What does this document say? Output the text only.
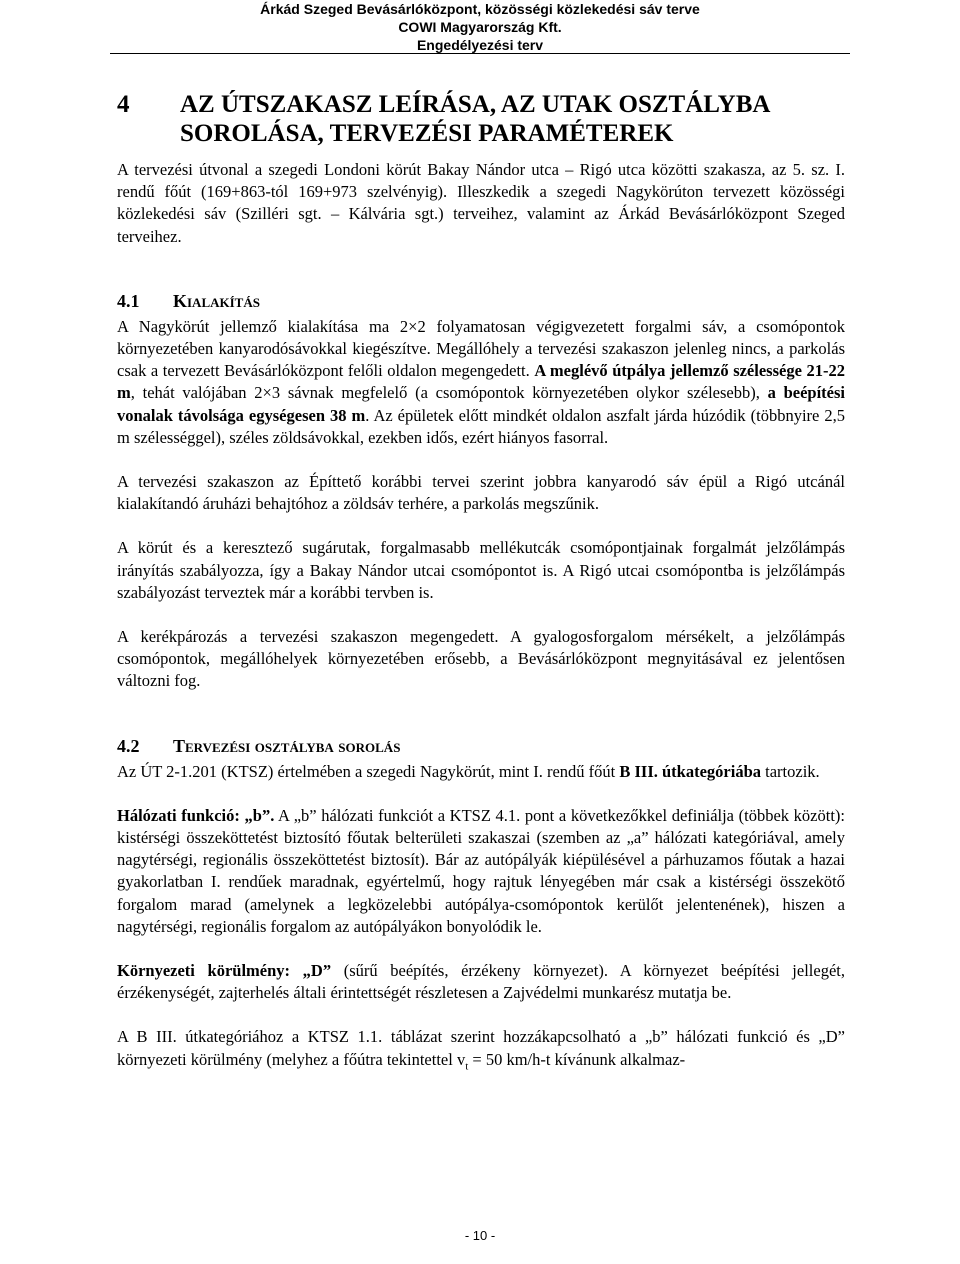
Árkád Szeged Bevásárlóközpont, közösségi közlekedési sáv terve
COWI Magyarország Kft.
Engedélyezési terv
4	AZ ÚTSZAKASZ LEÍRÁSA, AZ UTAK OSZTÁLYBA SOROLÁSA, TERVEZÉSI PARAMÉTEREK

A tervezési útvonal a szegedi Londoni körút Bakay Nándor utca – Rigó utca közötti szakasza, az 5. sz. I. rendű főút (169+863-tól 169+973 szelvényig). Illeszkedik a szegedi Nagykörúton tervezett közösségi közlekedési sáv (Szilléri sgt. – Kálvária sgt.) terveihez, valamint az Árkád Bevásárlóközpont Szeged terveihez.

4.1	Kialakítás

A Nagykörút jellemző kialakítása ma 2×2 folyamatosan végigvezetett forgalmi sáv, a csomópontok környezetében kanyarodósávokkal kiegészítve. Megállóhely a tervezési szakaszon jelenleg nincs, a parkolás csak a tervezett Bevásárlóközpont felőli oldalon megengedett. A meglévő útpálya jellemző szélessége 21-22 m, tehát valójában 2×3 sávnak megfelelő (a csomópontok környezetében olykor szélesebb), a beépítési vonalak távolsága egységesen 38 m. Az épületek előtt mindkét oldalon aszfalt járda húzódik (többnyire 2,5 m szélességgel), széles zöldsávokkal, ezekben idős, ezért hiányos fasorral.

A tervezési szakaszon az Építtető korábbi tervei szerint jobbra kanyarodó sáv épül a Rigó utcánál kialakítandó áruházi behajtóhoz a zöldsáv terhére, a parkolás megszűnik.

A körút és a keresztező sugárutak, forgalmasabb mellékutcák csomópontjainak forgalmát jelzőlámpás irányítás szabályozza, így a Bakay Nándor utcai csomópontot is. A Rigó utcai csomópontba is jelzőlámpás szabályozást terveztek már a korábbi tervben is.

A kerékpározás a tervezési szakaszon megengedett. A gyalogosforgalom mérsékelt, a jelzőlámpás csomópontok, megállóhelyek környezetében erősebb, a Bevásárlóközpont megnyitásával ez jelentősen változni fog.

4.2	Tervezési osztályba sorolás

Az ÚT 2-1.201 (KTSZ) értelmében a szegedi Nagykörút, mint I. rendű főút B III. útkategóriába tartozik.

Hálózati funkció: „b”. A „b” hálózati funkciót a KTSZ 4.1. pont a következőkkel definiálja (többek között): kistérségi összeköttetést biztosító főutak belterületi szakaszai (szemben az „a” hálózati kategóriával, amely nagytérségi, regionális összeköttetést biztosít). Bár az autópályák kiépülésével a párhuzamos főutak a hazai gyakorlatban I. rendűek maradnak, egyértelmű, hogy rajtuk lényegében már csak a kistérségi összekötő forgalom marad (amelynek a legközelebbi autópálya-csomópontok kerülőt jelentenének), hiszen a nagytérségi, regionális forgalom az autópályákon bonyolódik le.

Környezeti körülmény: „D” (sűrű beépítés, érzékeny környezet). A környezet beépítési jellegét, érzékenységét, zajterhelés általi érintettségét részletesen a Zajvédelmi munkarész mutatja be.

A B III. útkategóriához a KTSZ 1.1. táblázat szerint hozzákapcsolható a „b” hálózati funkció és „D” környezeti körülmény (melyhez a főútra tekintettel $v_t = 50$ km/h-t kívánunk alkalmaz-

- 10 -
